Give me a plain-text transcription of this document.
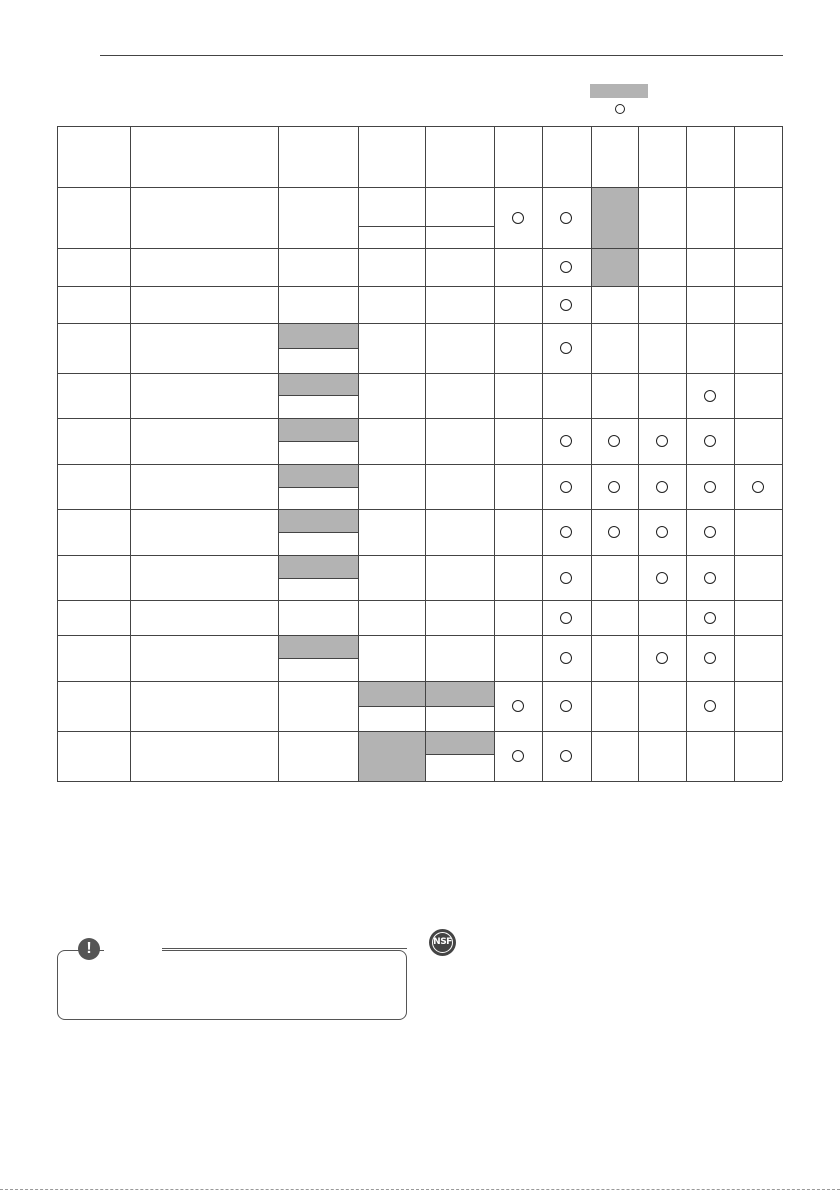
!	NSF
